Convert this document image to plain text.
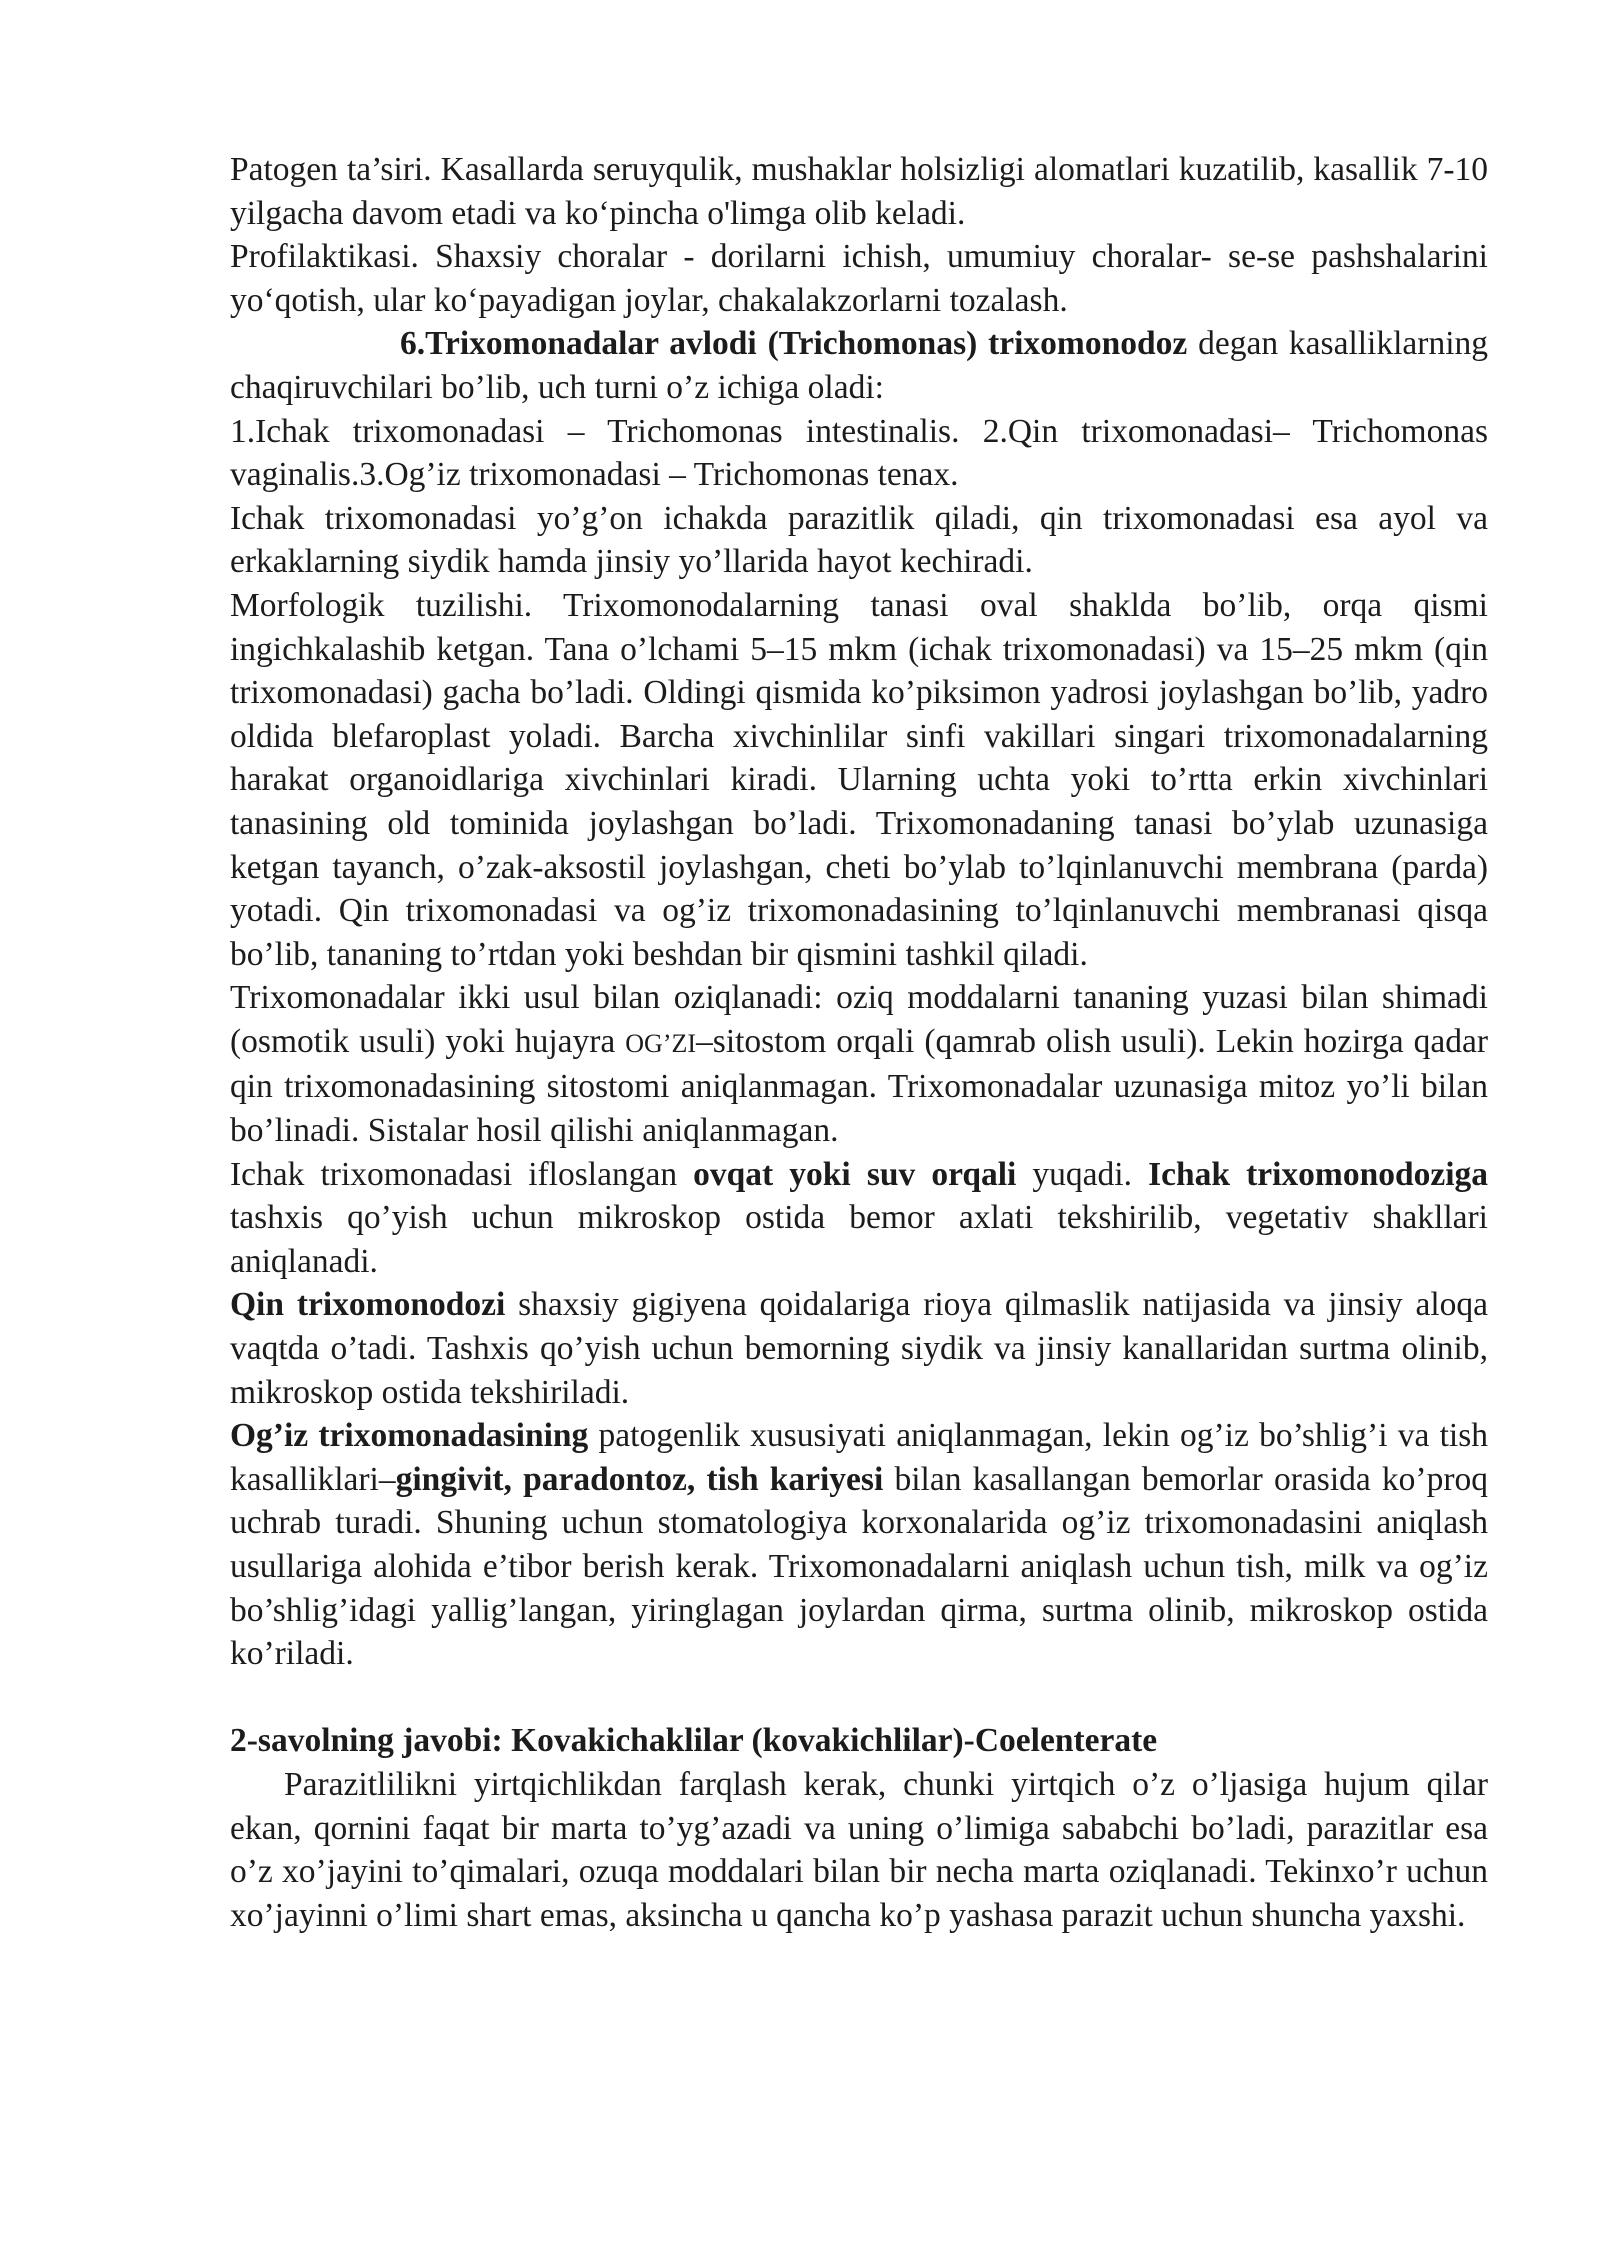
Patogen ta’siri. Kasallarda seruyqulik, mushaklar holsizligi alomatlari kuzatilib, kasallik 7-10 yilgacha davom etadi va ko‘pincha o'limga olib keladi.

Profilaktikasi. Shaxsiy choralar - dorilarni ichish, umumiuy choralar- se-se pashshalarini yo‘qotish, ular ko‘payadigan joylar, chakalakzorlarni tozalash.

6.Trixomonadalar avlodi (Trichomonas) trixomonodoz degan kasalliklarning chaqiruvchilari bo’lib, uch turni o’z ichiga oladi:

1.Ichak trixomonadasi – Trichomonas intestinalis. 2.Qin trixomonadasi– Trichomonas vaginalis.3.Og’iz trixomonadasi – Trichomonas tenax.

Ichak trixomonadasi yo’g’on ichakda parazitlik qiladi, qin trixomonadasi esa ayol va erkaklarning siydik hamda jinsiy yo’llarida hayot kechiradi.

Morfologik tuzilishi. Trixomonodalarning tanasi oval shaklda bo’lib, orqa qismi ingichkalashib ketgan. Tana o’lchami 5–15 mkm (ichak trixomonadasi) va 15–25 mkm (qin trixomonadasi) gacha bo’ladi. Oldingi qismida ko’piksimon yadrosi joylashgan bo’lib, yadro oldida blefaroplast yoladi. Barcha xivchinlilar sinfi vakillari singari trixomonadalarning harakat organoidlariga xivchinlari kiradi. Ularning uchta yoki to’rtta erkin xivchinlari tanasining old tominida joylashgan bo’ladi. Trixomonadaning tanasi bo’ylab uzunasiga ketgan tayanch, o’zak-aksostil joylashgan, cheti bo’ylab to’lqinlanuvchi membrana (parda) yotadi. Qin trixomonadasi va og’iz trixomonadasining to’lqinlanuvchi membranasi qisqa bo’lib, tananing to’rtdan yoki beshdan bir qismini tashkil qiladi.

Trixomonadalar ikki usul bilan oziqlanadi: oziq moddalarni tananing yuzasi bilan shimadi (osmotik usuli) yoki hujayra OG’ZI–sitostom orqali (qamrab olish usuli). Lekin hozirga qadar qin trixomonadasining sitostomi aniqlanmagan. Trixomonadalar uzunasiga mitoz yo’li bilan bo’linadi. Sistalar hosil qilishi aniqlanmagan.

Ichak trixomonadasi ifloslangan ovqat yoki suv orqali yuqadi. Ichak trixomonodoziga tashxis qo’yish uchun mikroskop ostida bemor axlati tekshirilib, vegetativ shakllari aniqlanadi.

Qin trixomonodozi shaxsiy gigiyena qoidalariga rioya qilmaslik natijasida va jinsiy aloqa vaqtda o’tadi. Tashxis qo’yish uchun bemorning siydik va jinsiy kanallaridan surtma olinib, mikroskop ostida tekshiriladi.

Og’iz trixomonadasining patogenlik xususiyati aniqlanmagan, lekin og’iz bo’shlig’i va tish kasalliklari–gingivit, paradontoz, tish kariyesi bilan kasallangan bemorlar orasida ko’proq uchrab turadi. Shuning uchun stomatologiya korxonalarida og’iz trixomonadasini aniqlash usullariga alohida e’tibor berish kerak. Trixomonadalarni aniqlash uchun tish, milk va og’iz bo’shlig’idagi yallig’langan, yiringlagan joylardan qirma, surtma olinib, mikroskop ostida ko’riladi.

2-savolning javobi: Kovakichaklilar (kovakichlilar)-Coelenterate

Parazitlilikni yirtqichlikdan farqlash kerak, chunki yirtqich o’z o’ljasiga hujum qilar ekan, qornini faqat bir marta to’yg’azadi va uning o’limiga sababchi bo’ladi, parazitlar esa o’z xo’jayini to’qimalari, ozuqa moddalari bilan bir necha marta oziqlanadi. Tekinxo’r uchun xo’jayinni o’limi shart emas, aksincha u qancha ko’p yashasa parazit uchun shuncha yaxshi.
